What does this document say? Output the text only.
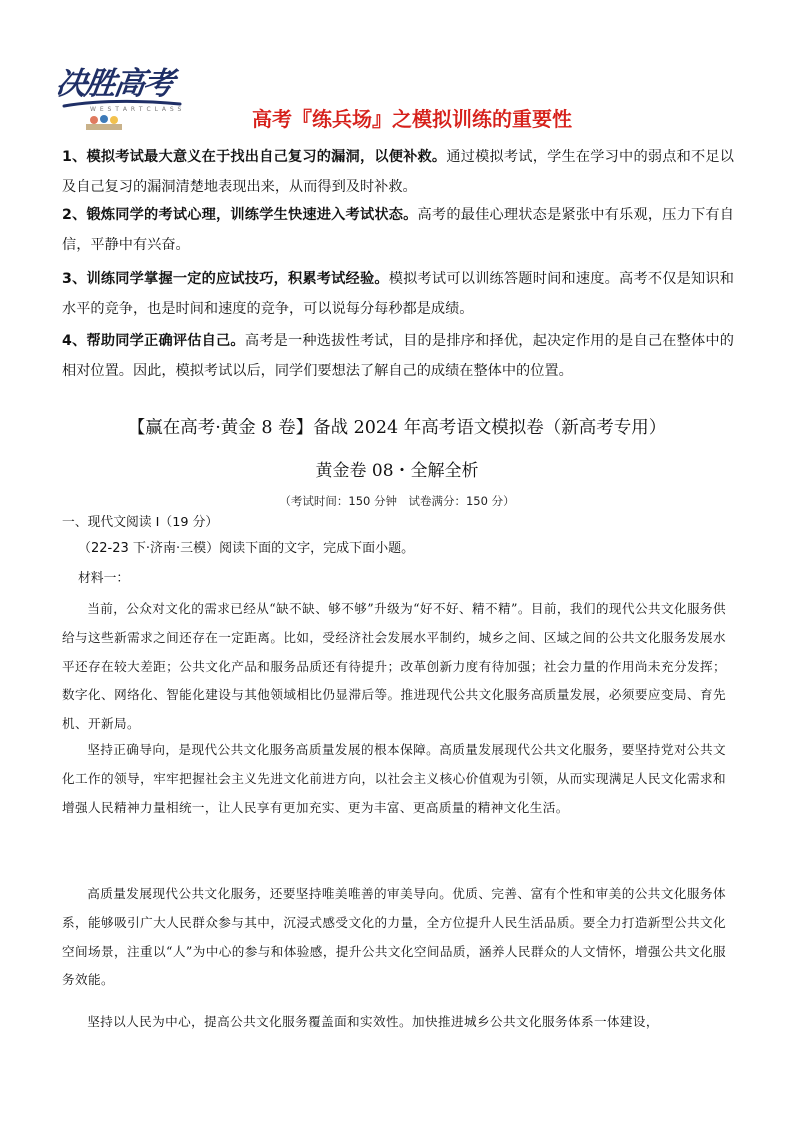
决胜高考
W E S T A R T C L A S S	高考『练兵场』之模拟训练的重要性
1、模拟考试最大意义在于找出自己复习的漏洞，以便补救。通过模拟考试，学生在学习中的弱点和不足以及自己复习的漏洞清楚地表现出来，从而得到及时补救。
2、锻炼同学的考试心理，训练学生快速进入考试状态。高考的最佳心理状态是紧张中有乐观，压力下有自信，平静中有兴奋。
3、训练同学掌握一定的应试技巧，积累考试经验。模拟考试可以训练答题时间和速度。高考不仅是知识和水平的竞争，也是时间和速度的竞争，可以说每分每秒都是成绩。
4、帮助同学正确评估自己。高考是一种选拔性考试，目的是排序和择优，起决定作用的是自己在整体中的相对位置。因此，模拟考试以后，同学们要想法了解自己的成绩在整体中的位置。
【赢在高考·黄金 8 卷】备战 2024 年高考语文模拟卷（新高考专用）
黄金卷 08・全解全析
（考试时间：150 分钟　试卷满分：150 分）
一、现代文阅读 I（19 分）
（22-23 下·济南·三模）阅读下面的文字，完成下面小题。
材料一：
当前，公众对文化的需求已经从“缺不缺、够不够”升级为“好不好、精不精”。目前，我们的现代公共文化服务供给与这些新需求之间还存在一定距离。比如，受经济社会发展水平制约，城乡之间、区域之间的公共文化服务发展水平还存在较大差距；公共文化产品和服务品质还有待提升；改革创新力度有待加强；社会力量的作用尚未充分发挥；数字化、网络化、智能化建设与其他领域相比仍显滞后等。推进现代公共文化服务高质量发展，必须要应变局、育先机、开新局。
坚持正确导向，是现代公共文化服务高质量发展的根本保障。高质量发展现代公共文化服务，要坚持党对公共文化工作的领导，牢牢把握社会主义先进文化前进方向，以社会主义核心价值观为引领，从而实现满足人民文化需求和增强人民精神力量相统一，让人民享有更加充实、更为丰富、更高质量的精神文化生活。
高质量发展现代公共文化服务，还要坚持唯美唯善的审美导向。优质、完善、富有个性和审美的公共文化服务体系，能够吸引广大人民群众参与其中，沉浸式感受文化的力量，全方位提升人民生活品质。要全力打造新型公共文化空间场景，注重以“人”为中心的参与和体验感，提升公共文化空间品质，涵养人民群众的人文情怀，增强公共文化服务效能。
坚持以人民为中心，提高公共文化服务覆盖面和实效性。加快推进城乡公共文化服务体系一体建设，
